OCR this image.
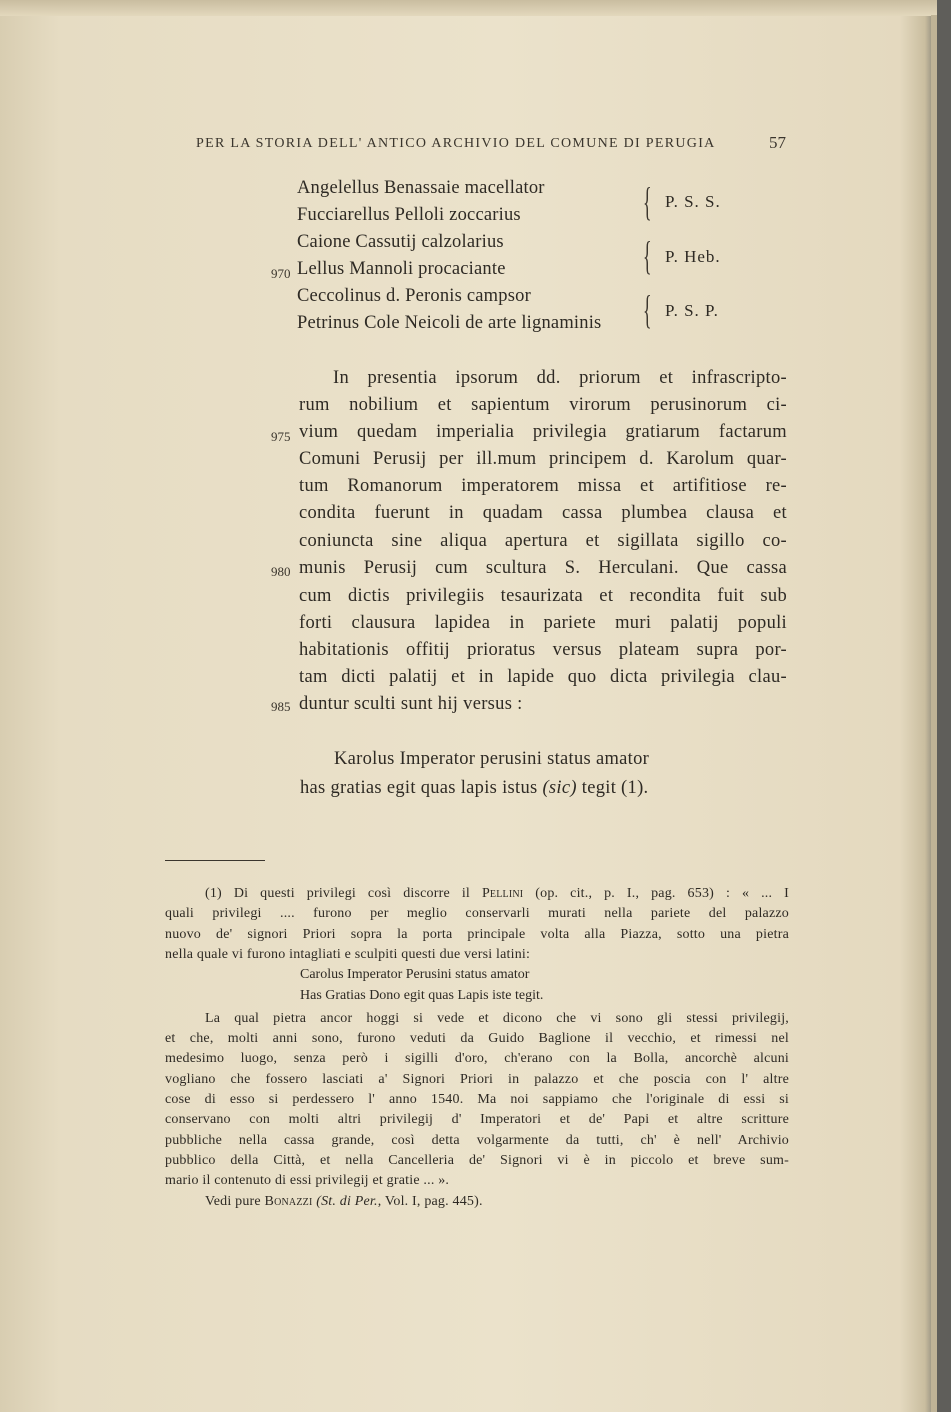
PER LA STORIA DELL' ANTICO ARCHIVIO DEL COMUNE DI PERUGIA	57
Angelellus Benassaie macellator
Fucciarellus Pelloli zoccarius
Caione Cassutij calzolarius
Lellus Mannoli procaciante
Ceccolinus d. Peronis campsor
Petrinus Cole Neicoli de arte lignaminis
{ P. S. S.
{ P. Heb.
{ P. S. P.
970
975
980
985
In presentia ipsorum dd. priorum et infrascripto-
rum nobilium et sapientum virorum perusinorum ci-
vium quedam imperialia privilegia gratiarum factarum
Comuni Perusij per ill.mum principem d. Karolum quar-
tum Romanorum imperatorem missa et artifitiose re-
condita fuerunt in quadam cassa plumbea clausa et
coniuncta sine aliqua apertura et sigillata sigillo co-
munis Perusij cum scultura S. Herculani. Que cassa
cum dictis privilegiis tesaurizata et recondita fuit sub
forti clausura lapidea in pariete muri palatij populi
habitationis offitij prioratus versus plateam supra por-
tam dicti palatij et in lapide quo dicta privilegia clau-
duntur sculti sunt hij versus :
Karolus Imperator perusini status amator
has gratias egit quas lapis istus (sic) tegit (1).
(1) Di questi privilegi così discorre il Pellini (op. cit., p. I., pag. 653) : « ... I
quali privilegi .... furono per meglio conservarli murati nella pariete del palazzo
nuovo de' signori Priori sopra la porta principale volta alla Piazza, sotto una pietra
nella quale vi furono intagliati e sculpiti questi due versi latini:
Carolus Imperator Perusini status amator
Has Gratias Dono egit quas Lapis iste tegit.
La qual pietra ancor hoggi si vede et dicono che vi sono gli stessi privilegij,
et che, molti anni sono, furono veduti da Guido Baglione il vecchio, et rimessi nel
medesimo luogo, senza però i sigilli d'oro, ch'erano con la Bolla, ancorchè alcuni
vogliano che fossero lasciati a' Signori Priori in palazzo et che poscia con l' altre
cose di esso si perdessero l' anno 1540. Ma noi sappiamo che l'originale di essi si
conservano con molti altri privilegij d' Imperatori et de' Papi et altre scritture
pubbliche nella cassa grande, così detta volgarmente da tutti, ch' è nell' Archivio
pubblico della Città, et nella Cancelleria de' Signori vi è in piccolo et breve sum-
mario il contenuto di essi privilegij et gratie ... ».
Vedi pure Bonazzi (St. di Per., Vol. I, pag. 445).
